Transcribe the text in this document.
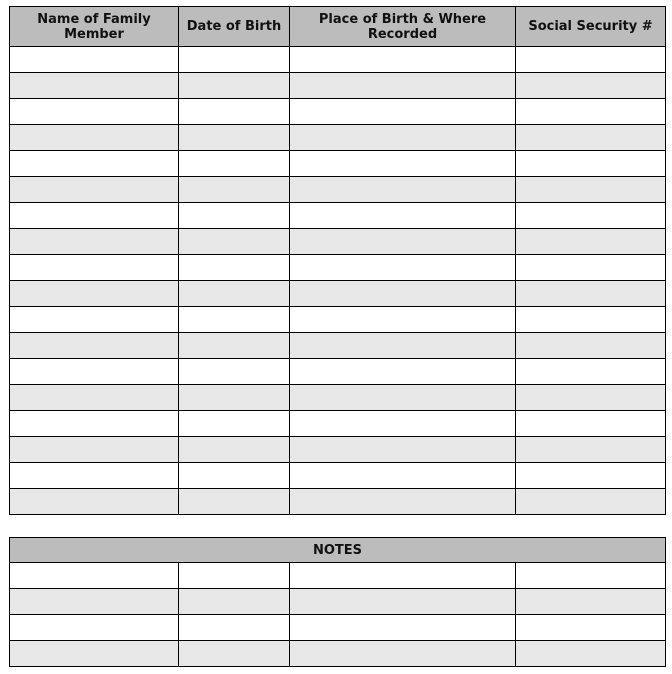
Name of Family Member	Date of Birth	Place of Birth & Where Recorded	Social Security #

NOTES			
